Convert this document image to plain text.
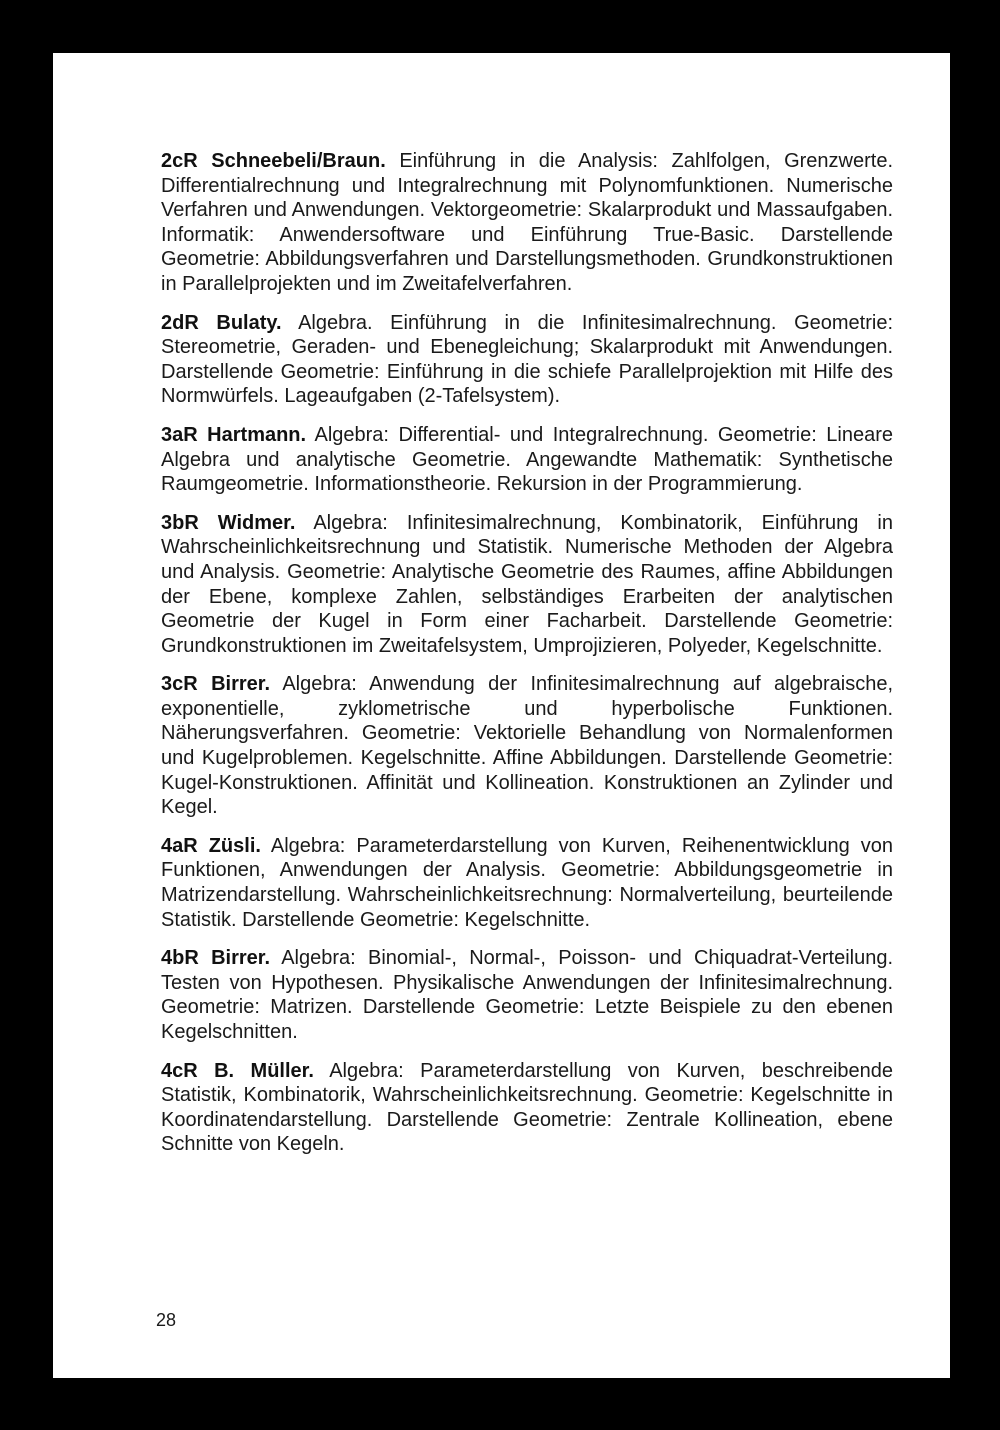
2cR Schneebeli/Braun. Einführung in die Analysis: Zahlfolgen, Grenzwerte. Differentialrechnung und Integralrechnung mit Polynomfunktionen. Numerische Verfahren und Anwendungen. Vektorgeometrie: Skalarprodukt und Massaufgaben. Informatik: Anwendersoftware und Einführung True-Basic. Darstellende Geometrie: Abbildungsverfahren und Darstellungsmethoden. Grundkonstruktionen in Parallelprojekten und im Zweitafelverfahren.

2dR Bulaty. Algebra. Einführung in die Infinitesimalrechnung. Geometrie: Stereometrie, Geraden- und Ebenegleichung; Skalarprodukt mit Anwendungen. Darstellende Geometrie: Einführung in die schiefe Parallelprojektion mit Hilfe des Normwürfels. Lageaufgaben (2-Tafelsystem).

3aR Hartmann. Algebra: Differential- und Integralrechnung. Geometrie: Lineare Algebra und analytische Geometrie. Angewandte Mathematik: Synthetische Raumgeometrie. Informationstheorie. Rekursion in der Programmierung.

3bR Widmer. Algebra: Infinitesimalrechnung, Kombinatorik, Einführung in Wahrscheinlichkeitsrechnung und Statistik. Numerische Methoden der Algebra und Analysis. Geometrie: Analytische Geometrie des Raumes, affine Abbildungen der Ebene, komplexe Zahlen, selbständiges Erarbeiten der analytischen Geometrie der Kugel in Form einer Facharbeit. Darstellende Geometrie: Grundkonstruktionen im Zweitafelsystem, Umprojizieren, Polyeder, Kegelschnitte.

3cR Birrer. Algebra: Anwendung der Infinitesimalrechnung auf algebraische, exponentielle, zyklometrische und hyperbolische Funktionen. Näherungsverfahren. Geometrie: Vektorielle Behandlung von Normalenformen und Kugelproblemen. Kegelschnitte. Affine Abbildungen. Darstellende Geometrie: Kugel-Konstruktionen. Affinität und Kollineation. Konstruktionen an Zylinder und Kegel.

4aR Züsli. Algebra: Parameterdarstellung von Kurven, Reihenentwicklung von Funktionen, Anwendungen der Analysis. Geometrie: Abbildungsgeometrie in Matrizendarstellung. Wahrscheinlichkeitsrechnung: Normalverteilung, beurteilende Statistik. Darstellende Geometrie: Kegelschnitte.

4bR Birrer. Algebra: Binomial-, Normal-, Poisson- und Chiquadrat-Verteilung. Testen von Hypothesen. Physikalische Anwendungen der Infinitesimalrechnung. Geometrie: Matrizen. Darstellende Geometrie: Letzte Beispiele zu den ebenen Kegelschnitten.

4cR B. Müller. Algebra: Parameterdarstellung von Kurven, beschreibende Statistik, Kombinatorik, Wahrscheinlichkeitsrechnung. Geometrie: Kegelschnitte in Koordinatendarstellung. Darstellende Geometrie: Zentrale Kollineation, ebene Schnitte von Kegeln.

28
